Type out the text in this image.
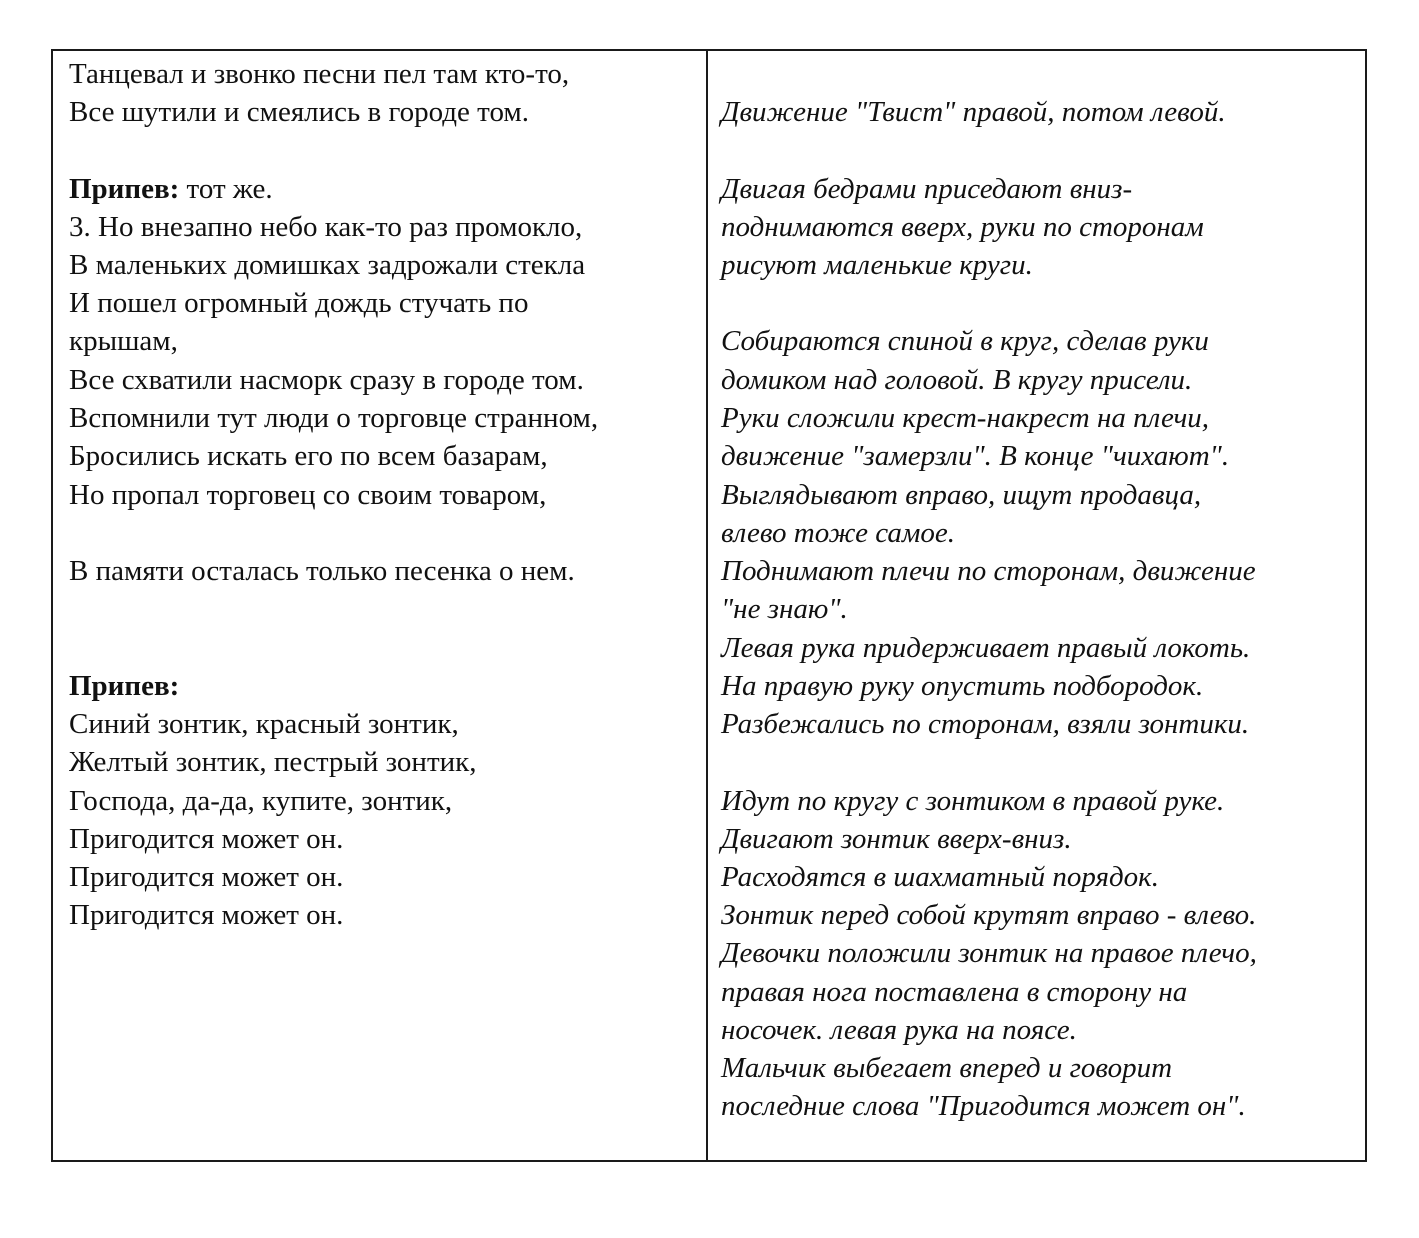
Танцевал и звонко песни пел там кто-то,
Все шутили и смеялись в городе том.
Припев: тот же.
3. Но внезапно небо как-то раз промокло,
В маленьких домишках задрожали стекла
И пошел огромный дождь стучать по
крышам,
Все схватили насморк сразу в городе том.
Вспомнили тут люди о торговце странном,
Бросились искать его по всем базарам,
Но пропал торговец со своим товаром,
В памяти осталась только песенка о нем.
Припев:
Синий зонтик, красный зонтик,
Желтый зонтик, пестрый зонтик,
Господа, да-да, купите, зонтик,
Пригодится может он.
Пригодится может он.
Пригодится может он.
Движение "Твист" правой, потом левой.
Двигая бедрами приседают вниз-
поднимаются вверх, руки по сторонам
рисуют маленькие круги.
Собираются спиной в круг, сделав руки
домиком над головой. В кругу присели.
Руки сложили крест-накрест на плечи,
движение "замерзли". В конце "чихают".
Выглядывают вправо, ищут продавца,
влево тоже самое.
Поднимают плечи по сторонам, движение
"не знаю".
Левая рука придерживает правый локоть.
На правую руку опустить подбородок.
Разбежались по сторонам, взяли зонтики.
Идут по кругу с зонтиком в правой руке.
Двигают зонтик вверх-вниз.
Расходятся в шахматный порядок.
Зонтик перед собой крутят вправо - влево.
Девочки положили зонтик на правое плечо,
правая нога поставлена в сторону на
носочек. левая рука на поясе.
Мальчик выбегает вперед и говорит
последние слова "Пригодится может он".
